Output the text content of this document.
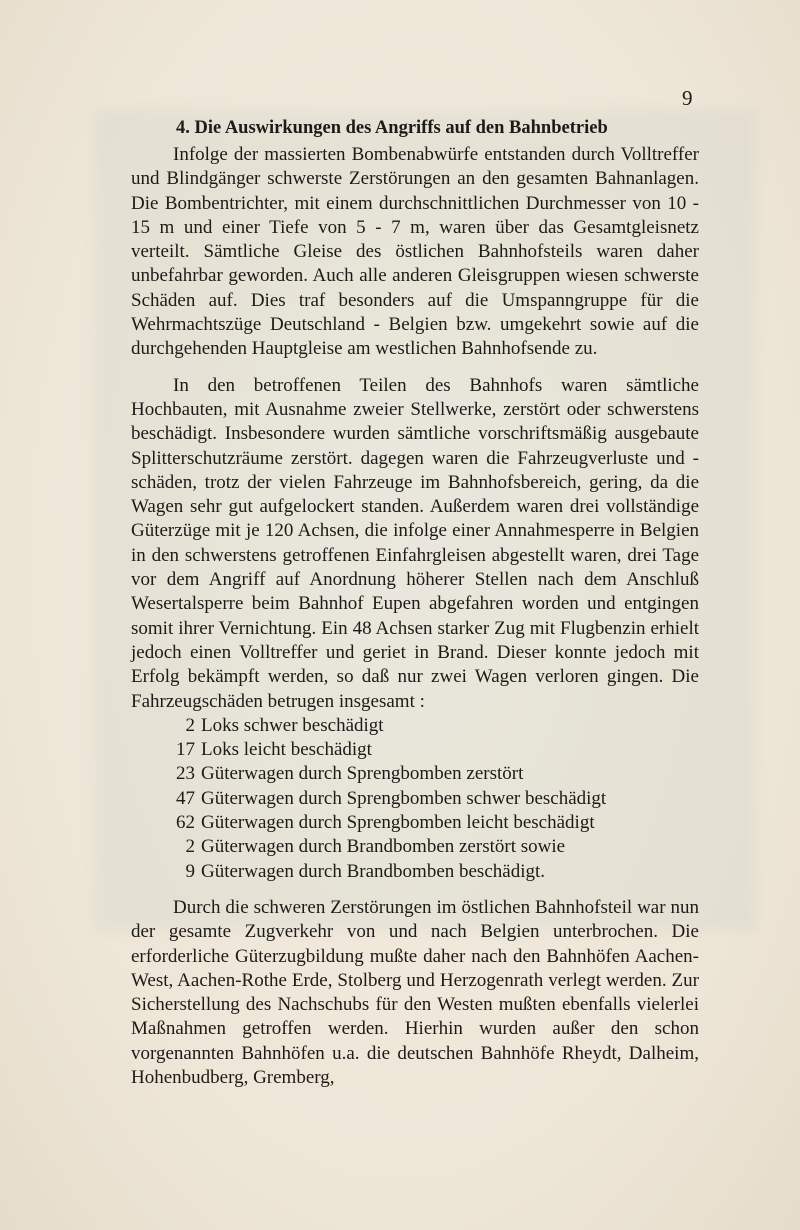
9
4. Die Auswirkungen des Angriffs auf den Bahnbetrieb

Infolge der massierten Bombenabwürfe entstanden durch Volltreffer und Blindgänger schwerste Zerstörungen an den gesamten Bahnanlagen. Die Bombentrichter, mit einem durchschnittlichen Durchmesser von 10 - 15 m und einer Tiefe von 5 - 7 m, waren über das Gesamtgleisnetz verteilt. Sämtliche Gleise des östlichen Bahnhofsteils waren daher unbefahrbar geworden. Auch alle anderen Gleisgruppen wiesen schwerste Schäden auf. Dies traf besonders auf die Umspanngruppe für die Wehrmachtszüge Deutschland - Belgien bzw. umgekehrt sowie auf die durchgehenden Hauptgleise am westlichen Bahnhofsende zu.

In den betroffenen Teilen des Bahnhofs waren sämtliche Hochbauten, mit Ausnahme zweier Stellwerke, zerstört oder schwerstens beschädigt. Insbesondere wurden sämtliche vorschriftsmäßig ausgebaute Splitterschutzräume zerstört. dagegen waren die Fahrzeugverluste und -schäden, trotz der vielen Fahrzeuge im Bahnhofsbereich, gering, da die Wagen sehr gut aufgelockert standen. Außerdem waren drei vollständige Güterzüge mit je 120 Achsen, die infolge einer Annahmesperre in Belgien in den schwerstens getroffenen Einfahrgleisen abgestellt waren, drei Tage vor dem Angriff auf Anordnung höherer Stellen nach dem Anschluß Wesertalsperre beim Bahnhof Eupen abgefahren worden und entgingen somit ihrer Vernichtung. Ein 48 Achsen starker Zug mit Flugbenzin erhielt jedoch einen Volltreffer und geriet in Brand. Dieser konnte jedoch mit Erfolg bekämpft werden, so daß nur zwei Wagen verloren gingen. Die Fahrzeugschäden betrugen insgesamt :

2 Loks schwer beschädigt
17 Loks leicht beschädigt
23 Güterwagen durch Sprengbomben zerstört
47 Güterwagen durch Sprengbomben schwer beschädigt
62 Güterwagen durch Sprengbomben leicht beschädigt
2 Güterwagen durch Brandbomben zerstört sowie
9 Güterwagen durch Brandbomben beschädigt.

Durch die schweren Zerstörungen im östlichen Bahnhofsteil war nun der gesamte Zugverkehr von und nach Belgien unterbrochen. Die erforderliche Güterzugbildung mußte daher nach den Bahnhöfen Aachen-West, Aachen-Rothe Erde, Stolberg und Herzogenrath verlegt werden. Zur Sicherstellung des Nachschubs für den Westen mußten ebenfalls vielerlei Maßnahmen getroffen werden. Hierhin wurden außer den schon vorgenannten Bahnhöfen u.a. die deutschen Bahnhöfe Rheydt, Dalheim, Hohenbudberg, Gremberg,
